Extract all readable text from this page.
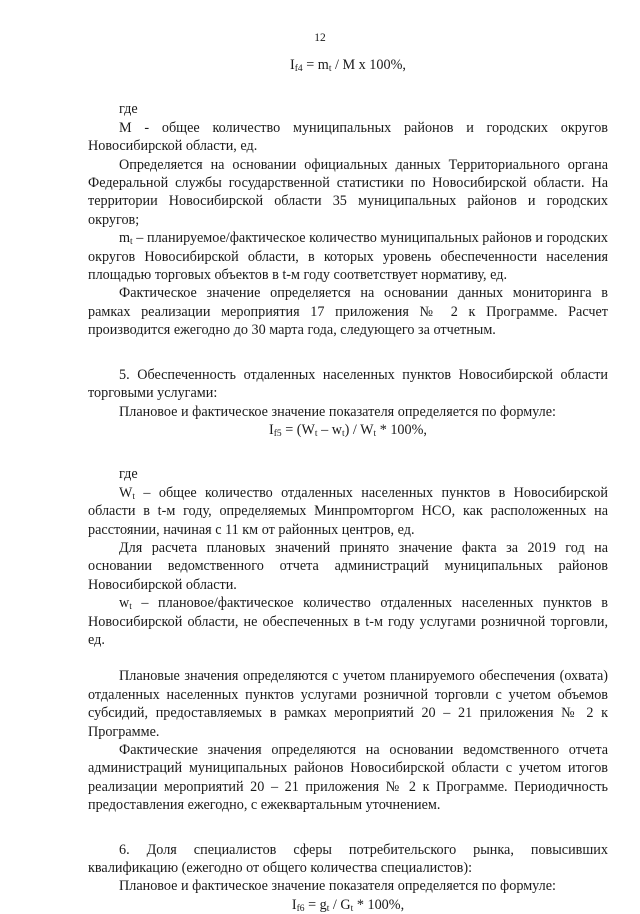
12

$I_{f4} = m_t / M$ x 100%,

где

М - общее количество муниципальных районов и городских округов Новосибирской области, ед.

Определяется на основании официальных данных Территориального органа Федеральной службы государственной статистики по Новосибирской области. На территории Новосибирской области 35 муниципальных районов и городских округов;

$m_t$ – планируемое/фактическое количество муниципальных районов и городских округов Новосибирской области, в которых уровень обеспеченности населения площадью торговых объектов в t-м году соответствует нормативу, ед.

Фактическое значение определяется на основании данных мониторинга в рамках реализации мероприятия 17 приложения № 2 к Программе. Расчет производится ежегодно до 30 марта года, следующего за отчетным.

5. Обеспеченность отдаленных населенных пунктов Новосибирской области торговыми услугами:

Плановое и фактическое значение показателя определяется по формуле:

$I_{f5} = (W_t - w_t) / W_t * 100\%$,

где

$W_t$ – общее количество отдаленных населенных пунктов в Новосибирской области в t-м году, определяемых Минпромторгом НСО, как расположенных на расстоянии, начиная с 11 км от районных центров, ед.

Для расчета плановых значений принято значение факта за 2019 год на основании ведомственного отчета администраций муниципальных районов Новосибирской области.

$w_t$ – плановое/фактическое количество отдаленных населенных пунктов в Новосибирской области, не обеспеченных в t-м году услугами розничной торговли, ед.

Плановые значения определяются с учетом планируемого обеспечения (охвата) отдаленных населенных пунктов услугами розничной торговли с учетом объемов субсидий, предоставляемых в рамках мероприятий 20 – 21 приложения № 2 к Программе.

Фактические значения определяются на основании ведомственного отчета администраций муниципальных районов Новосибирской области с учетом итогов реализации мероприятий 20 – 21 приложения № 2 к Программе. Периодичность предоставления ежегодно, с ежеквартальным уточнением.

6. Доля специалистов сферы потребительского рынка, повысивших квалификацию (ежегодно от общего количества специалистов):

Плановое и фактическое значение показателя определяется по формуле:

$I_{f6} = g_t / G_t * 100\%$,
